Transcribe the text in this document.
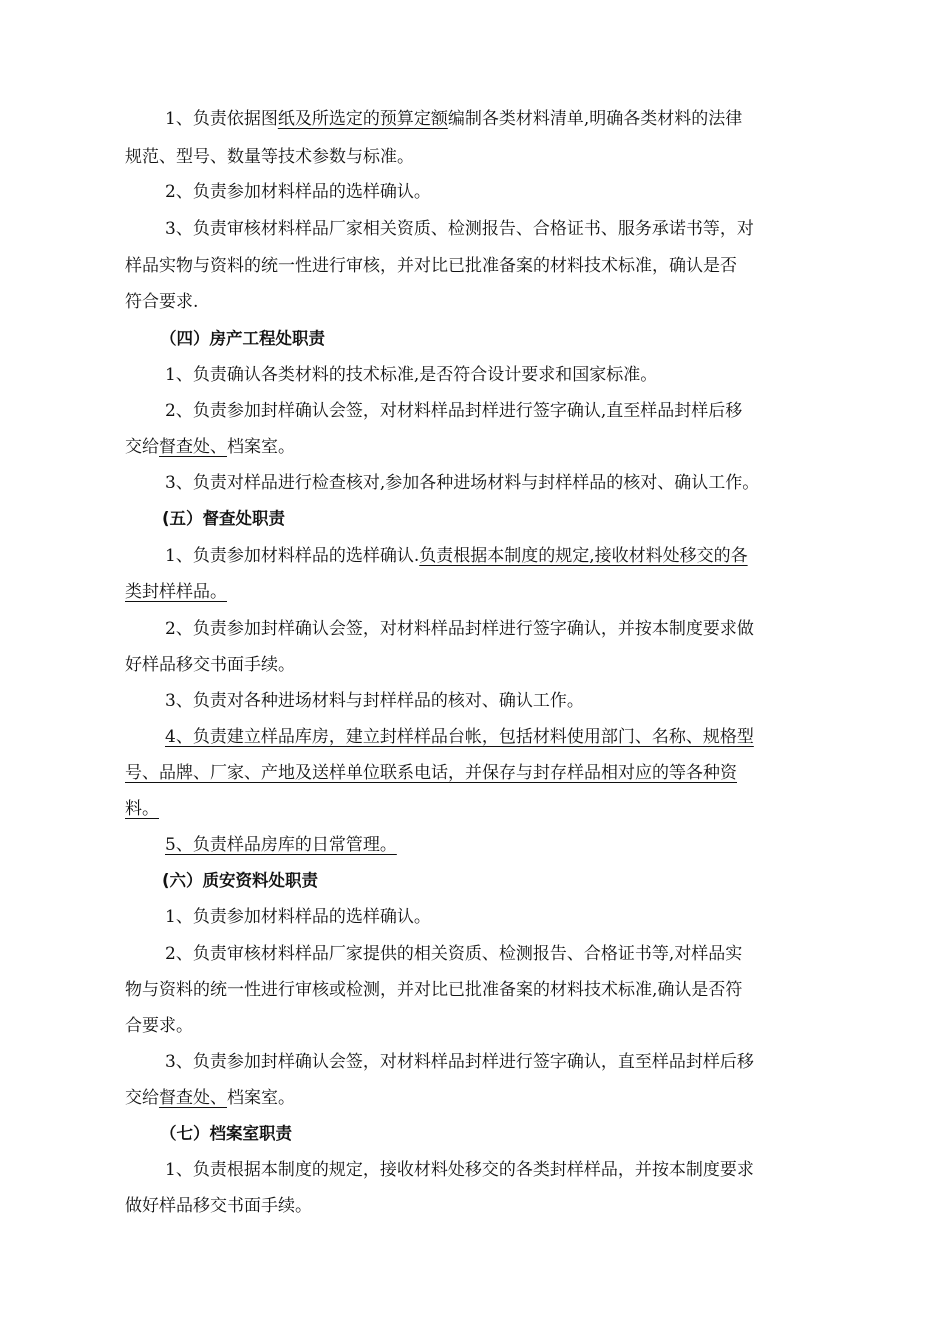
1、负责依据图纸及所选定的预算定额编制各类材料清单,明确各类材料的法律
规范、型号、数量等技术参数与标准。
2、负责参加材料样品的选样确认。
3、负责审核材料样品厂家相关资质、检测报告、合格证书、服务承诺书等，对
样品实物与资料的统一性进行审核，并对比已批准备案的材料技术标准，确认是否
符合要求.
（四）房产工程处职责
1、负责确认各类材料的技术标准,是否符合设计要求和国家标准。
2、负责参加封样确认会签，对材料样品封样进行签字确认,直至样品封样后移
交给督查处、档案室。
3、负责对样品进行检查核对,参加各种进场材料与封样样品的核对、确认工作。
(五）督查处职责
1、负责参加材料样品的选样确认.负责根据本制度的规定,接收材料处移交的各
类封样样品。
2、负责参加封样确认会签，对材料样品封样进行签字确认，并按本制度要求做
好样品移交书面手续。
3、负责对各种进场材料与封样样品的核对、确认工作。
4、负责建立样品库房，建立封样样品台帐，包括材料使用部门、名称、规格型
号、品牌、厂家、产地及送样单位联系电话，并保存与封存样品相对应的等各种资
料。
5、负责样品房库的日常管理。
(六）质安资料处职责
1、负责参加材料样品的选样确认。
2、负责审核材料样品厂家提供的相关资质、检测报告、合格证书等,对样品实
物与资料的统一性进行审核或检测，并对比已批准备案的材料技术标准,确认是否符
合要求。
3、负责参加封样确认会签，对材料样品封样进行签字确认，直至样品封样后移
交给督查处、档案室。
（七）档案室职责
1、负责根据本制度的规定，接收材料处移交的各类封样样品，并按本制度要求
做好样品移交书面手续。
